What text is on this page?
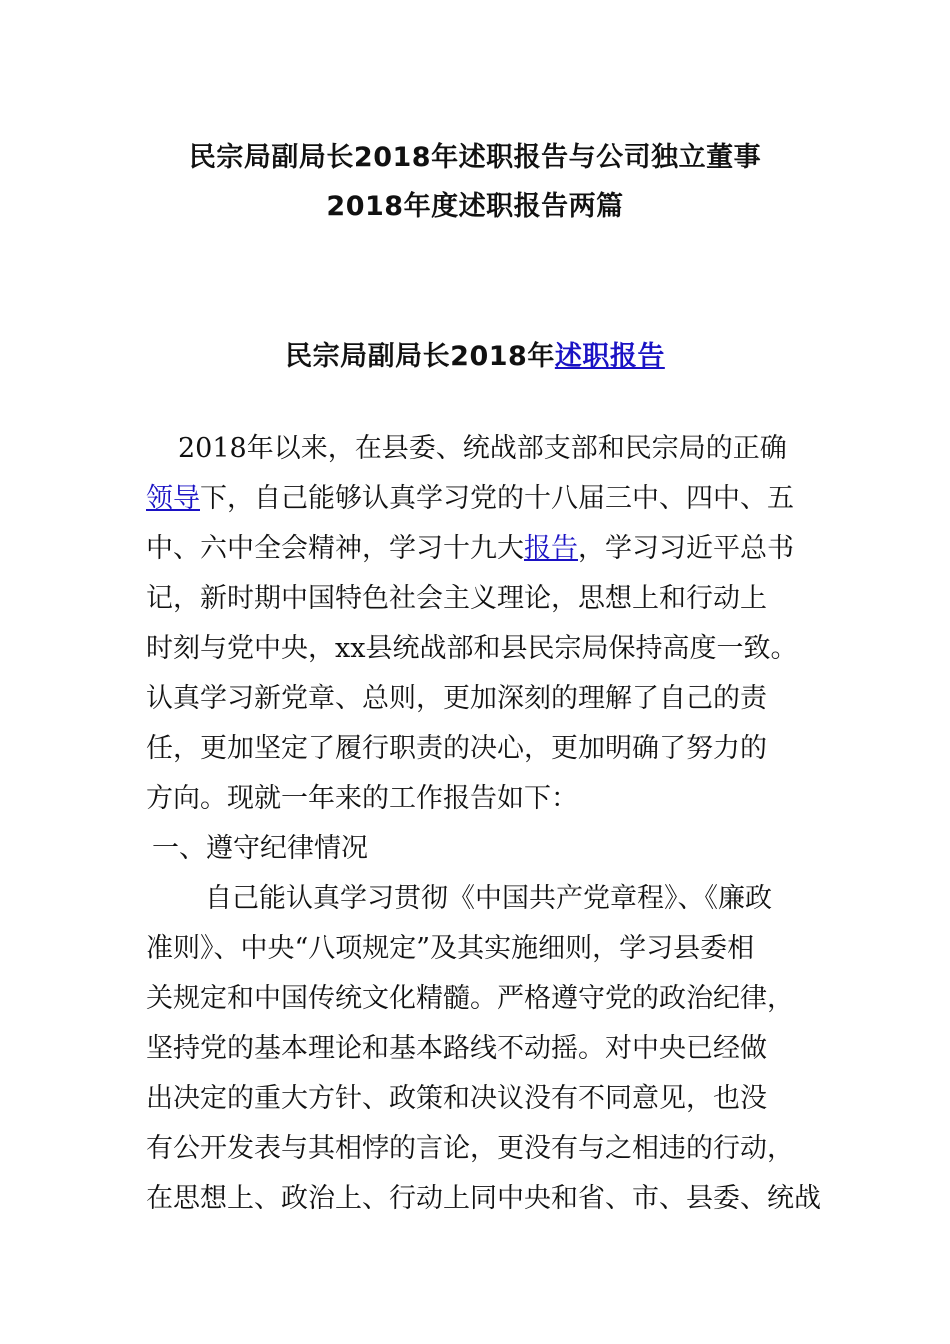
民宗局副局长2018年述职报告与公司独立董事
2018年度述职报告两篇
民宗局副局长2018年述职报告
2018年以来，在县委、统战部支部和民宗局的正确
领导下，自己能够认真学习党的十八届三中、四中、五
中、六中全会精神，学习十九大报告，学习习近平总书
记，新时期中国特色社会主义理论，思想上和行动上
时刻与党中央，xx县统战部和县民宗局保持高度一致。
认真学习新党章、总则，更加深刻的理解了自己的责
任，更加坚定了履行职责的决心，更加明确了努力的
方向。现就一年来的工作报告如下：
一、遵守纪律情况
自己能认真学习贯彻《中国共产党章程》、《廉政
准则》、中央“八项规定”及其实施细则，学习县委相
关规定和中国传统文化精髓。严格遵守党的政治纪律，
坚持党的基本理论和基本路线不动摇。对中央已经做
出决定的重大方针、政策和决议没有不同意见，也没
有公开发表与其相悖的言论，更没有与之相违的行动，
在思想上、政治上、行动上同中央和省、市、县委、统战
